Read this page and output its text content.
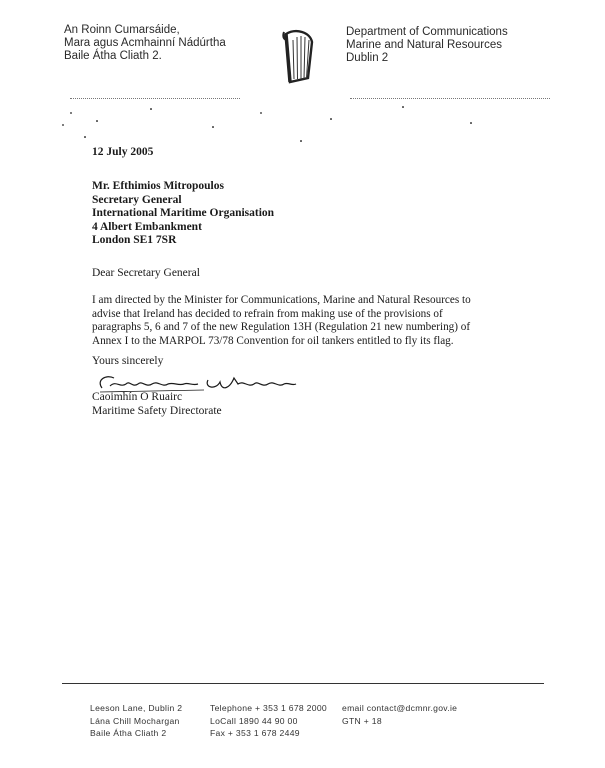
An Roinn Cumarsáide,
Mara agus Acmhainní Nádúrtha
Baile Átha Cliath 2.
Department of Communications
Marine and Natural Resources
Dublin 2
12 July 2005
Mr. Efthimios Mitropoulos
Secretary General
International Maritime Organisation
4 Albert Embankment
London SE1 7SR
Dear Secretary General
I am directed by the Minister for Communications, Marine and Natural Resources to
advise that Ireland has decided to refrain from making use of the provisions of
paragraphs 5, 6 and 7 of the new Regulation 13H (Regulation 21 new numbering) of
Annex I to the MARPOL 73/78 Convention for oil tankers entitled to fly its flag.
Yours sincerely
Caoimhín O Ruairc
Maritime Safety Directorate
Leeson Lane, Dublin 2
Lána Chill Mochargan
Baile Átha Cliath 2
Telephone + 353 1 678 2000
LoCall 1890 44 90 00
Fax + 353 1 678 2449
email contact@dcmnr.gov.ie
GTN + 18
